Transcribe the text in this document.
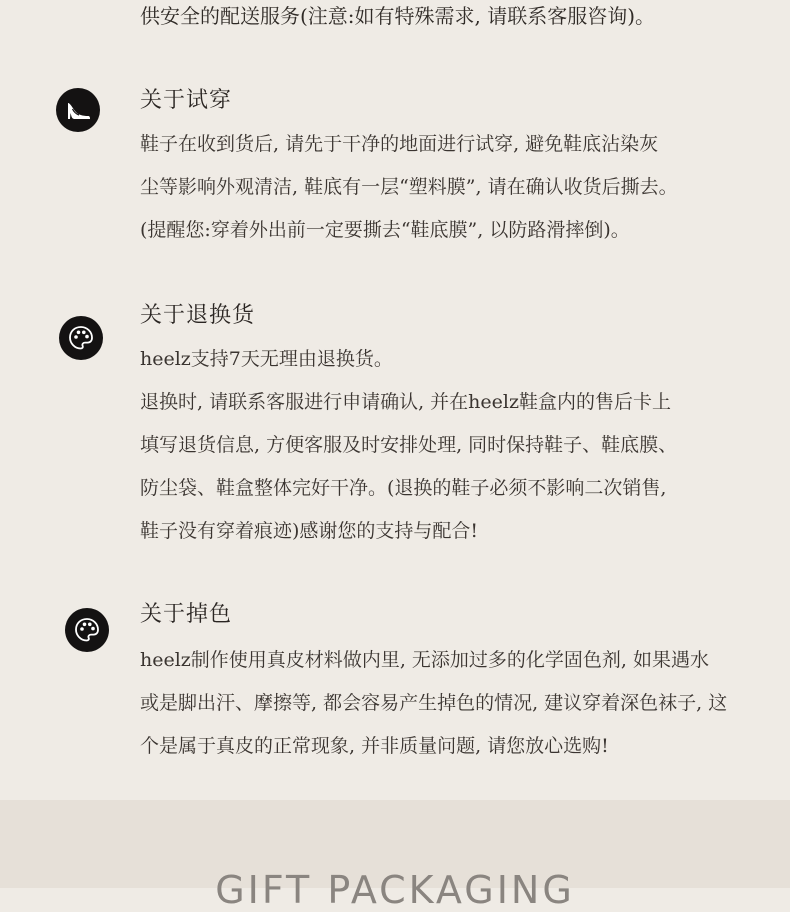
供安全的配送服务(注意:如有特殊需求, 请联系客服咨询)。
关于试穿
鞋子在收到货后, 请先于干净的地面进行试穿, 避免鞋底沾染灰
尘等影响外观清洁, 鞋底有一层“塑料膜”, 请在确认收货后撕去。
(提醒您:穿着外出前一定要撕去“鞋底膜”, 以防路滑摔倒)。
关于退换货
heelz支持7天无理由退换货。
退换时, 请联系客服进行申请确认, 并在heelz鞋盒内的售后卡上
填写退货信息, 方便客服及时安排处理, 同时保持鞋子、鞋底膜、
防尘袋、鞋盒整体完好干净。(退换的鞋子必须不影响二次销售,
鞋子没有穿着痕迹)感谢您的支持与配合!
关于掉色
heelz制作使用真皮材料做内里, 无添加过多的化学固色剂, 如果遇水
或是脚出汗、摩擦等, 都会容易产生掉色的情况, 建议穿着深色袜子, 这
个是属于真皮的正常现象, 并非质量问题, 请您放心选购!
GIFT PACKAGING
